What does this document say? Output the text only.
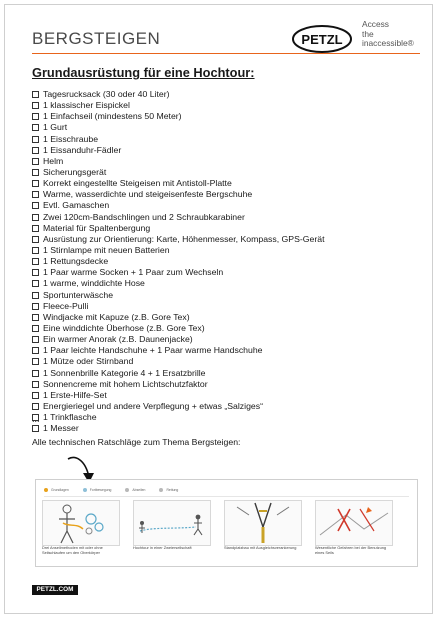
BERGSTEIGEN	PETZL
Access
the
inaccessible®
Grundausrüstung für eine Hochtour:
Tagesrucksack (30 oder 40 Liter)
1 klassischer Eispickel
1 Einfachseil (mindestens 50 Meter)
1 Gurt
1 Eisschraube
1 Eissanduhr-Fädler
Helm
Sicherungsgerät
Korrekt eingestellte Steigeisen mit Antistoll-Platte
Warme, wasserdichte und steigeisenfeste Bergschuhe
Evtl. Gamaschen
Zwei 120cm-Bandschlingen und 2 Schraubkarabiner
Material für Spaltenbergung
Ausrüstung zur Orientierung: Karte, Höhenmesser, Kompass, GPS-Gerät
1 Stirnlampe mit neuen Batterien
1 Rettungsdecke
1 Paar warme Socken + 1 Paar zum Wechseln
1 warme, winddichte Hose
Sportunterwäsche
Fleece-Pulli
Windjacke mit Kapuze (z.B. Gore Tex)
Eine winddichte Überhose (z.B. Gore Tex)
Ein warmer Anorak (z.B. Daunenjacke)
1 Paar leichte Handschuhe + 1 Paar warme Handschuhe
1 Mütze oder Stirnband
1 Sonnenbrille Kategorie 4 + 1 Ersatzbrille
Sonnencreme mit hohem Lichtschutzfaktor
1 Erste-Hilfe-Set
Energieriegel und andere Verpflegung + etwas „Salziges“
1 Trinkflasche
1 Messer
...
Alle technischen Ratschläge zum Thema Bergsteigen:
Grundlagen	Fortbewegung	Abseilen	Rettung
Drei Anseilmethoden mit oder ohne Seilschlaufen um den Oberkörper
Hochtour in einer Zweierseilschaft	Standplatzbau mit Ausgleichsverankerung	Wesentliche Gefahren bei der Benutzung eines Seils
PETZL.COM
